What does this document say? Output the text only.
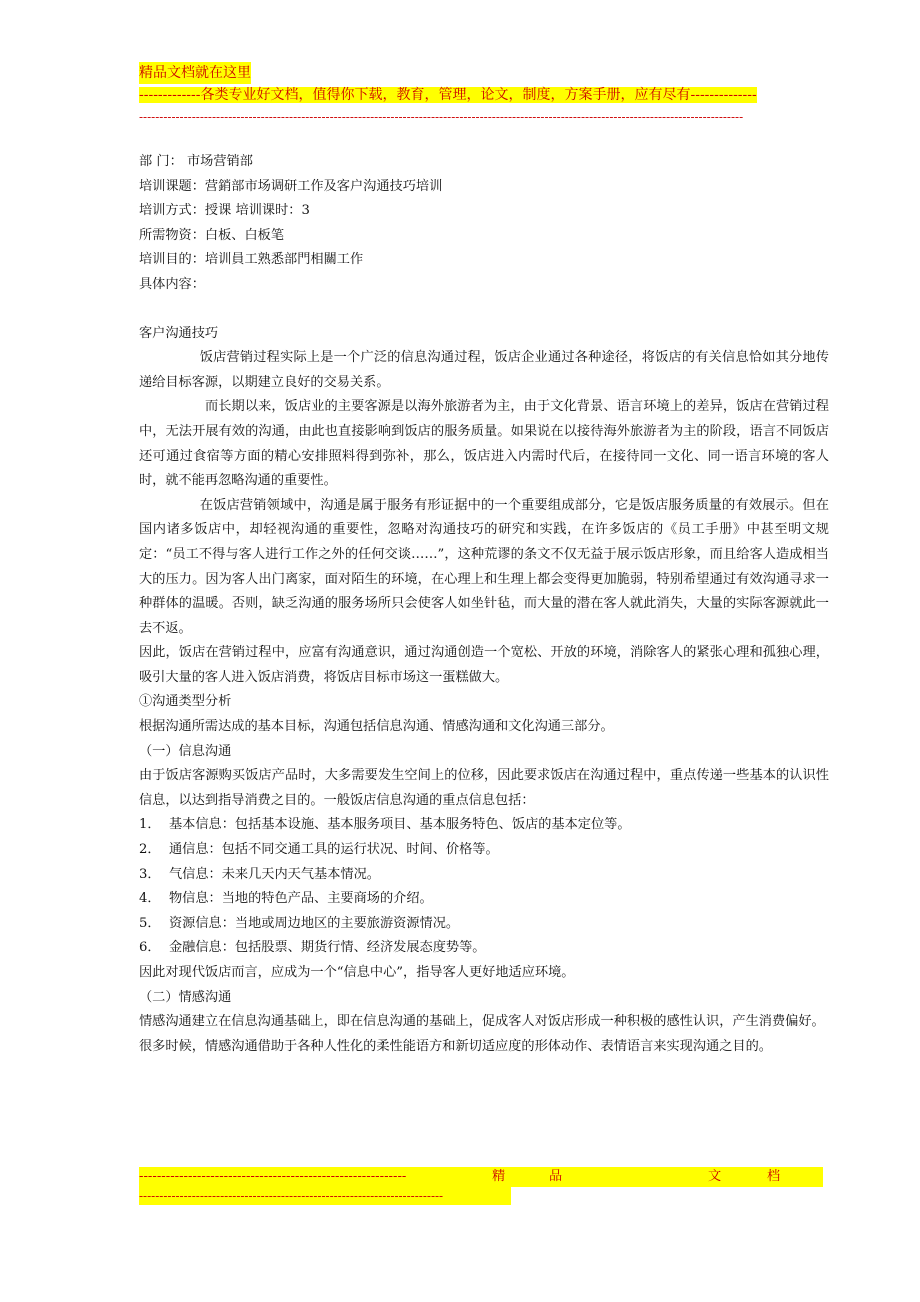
精品文档就在这里
-------------各类专业好文档，值得你下载，教育，管理，论文，制度，方案手册，应有尽有--------------
-----------------------------------------------------------------------------------------------------------------------------------------------------
部 门： 市场营销部
培训课题：营銷部市场调研工作及客户沟通技巧培训
培训方式：授课 培训课时：3
所需物资：白板、白板笔
培训目的：培训員工熟悉部門相關工作
具体内容：
客户沟通技巧
饭店营销过程实际上是一个广泛的信息沟通过程，饭店企业通过各种途径，将饭店的有关信息恰如其分地传递给目标客源，以期建立良好的交易关系。
而长期以来，饭店业的主要客源是以海外旅游者为主，由于文化背景、语言环境上的差异，饭店在营销过程中，无法开展有效的沟通，由此也直接影响到饭店的服务质量。如果说在以接待海外旅游者为主的阶段，语言不同饭店还可通过食宿等方面的精心安排照料得到弥补，那么，饭店进入内需时代后，在接待同一文化、同一语言环境的客人时，就不能再忽略沟通的重要性。
在饭店营销领域中，沟通是属于服务有形证据中的一个重要组成部分，它是饭店服务质量的有效展示。但在国内诸多饭店中，却轻视沟通的重要性，忽略对沟通技巧的研究和实践，在许多饭店的《员工手册》中甚至明文规定：“员工不得与客人进行工作之外的任何交谈……”，这种荒谬的条文不仅无益于展示饭店形象，而且给客人造成相当大的压力。因为客人出门离家，面对陌生的环境，在心理上和生理上都会变得更加脆弱，特别希望通过有效沟通寻求一种群体的温暖。否则，缺乏沟通的服务场所只会使客人如坐针毡，而大量的潜在客人就此消失，大量的实际客源就此一去不返。
因此，饭店在营销过程中，应富有沟通意识，通过沟通创造一个宽松、开放的环境，消除客人的紧张心理和孤独心理，吸引大量的客人进入饭店消费，将饭店目标市场这一蛋糕做大。
①沟通类型分析
根据沟通所需达成的基本目标，沟通包括信息沟通、情感沟通和文化沟通三部分。
（一）信息沟通
由于饭店客源购买饭店产品时，大多需要发生空间上的位移，因此要求饭店在沟通过程中，重点传递一些基本的认识性信息，以达到指导消费之目的。一般饭店信息沟通的重点信息包括：
1． 基本信息：包括基本设施、基本服务项目、基本服务特色、饭店的基本定位等。
2． 通信息：包括不同交通工具的运行状况、时间、价格等。
3． 气信息：未来几天内天气基本情况。
4． 物信息：当地的特色产品、主要商场的介绍。
5． 资源信息：当地或周边地区的主要旅游资源情况。
6． 金融信息：包括股票、期货行情、经济发展态度势等。
因此对现代饭店而言，应成为一个“信息中心”，指导客人更好地适应环境。
（二）情感沟通
情感沟通建立在信息沟通基础上，即在信息沟通的基础上，促成客人对饭店形成一种积极的感性认识，产生消费偏好。
很多时候，情感沟通借助于各种人性化的柔性能语方和新切适应度的形体动作、表情语言来实现沟通之目的。
------------------------------------------------------------	精	品	文	档
---------------------------------------------------------------------------
